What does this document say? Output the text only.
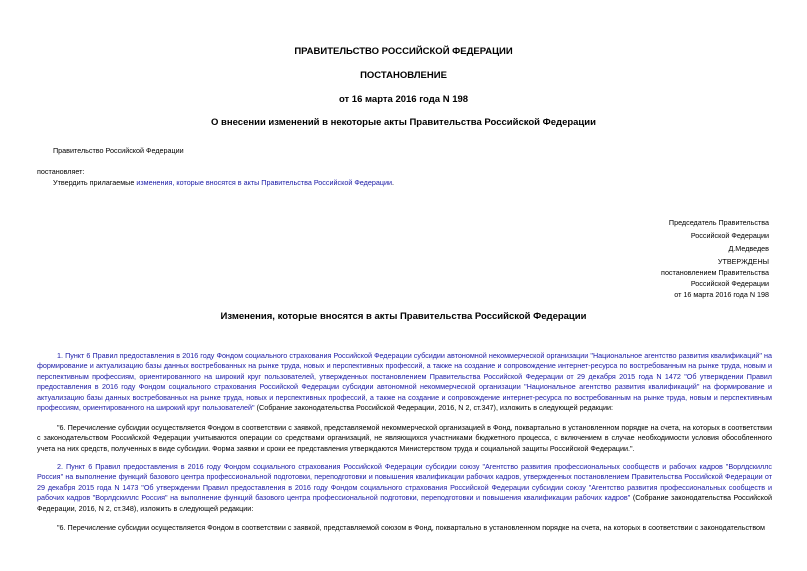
ПРАВИТЕЛЬСТВО РОССИЙСКОЙ ФЕДЕРАЦИИ
ПОСТАНОВЛЕНИЕ
от 16 марта 2016 года N 198
О внесении изменений в некоторые акты Правительства Российской Федерации
Правительство Российской Федерации
постановляет:
Утвердить прилагаемые изменения, которые вносятся в акты Правительства Российской Федерации.
Председатель Правительства
Российской Федерации
Д.Медведев
УТВЕРЖДЕНЫ
постановлением Правительства
Российской Федерации
от 16 марта 2016 года N 198
Изменения, которые вносятся в акты Правительства Российской Федерации

1. Пункт 6 Правил предоставления в 2016 году Фондом социального страхования Российской Федерации субсидии автономной некоммерческой организации "Национальное агентство развития квалификаций" на формирование и актуализацию базы данных востребованных на рынке труда, новых и перспективных профессий, а также на создание и сопровождение интернет-ресурса по востребованным на рынке труда, новым и перспективным профессиям, ориентированного на широкий круг пользователей, утвержденных постановлением Правительства Российской Федерации от 29 декабря 2015 года N 1472 "Об утверждении Правил предоставления в 2016 году Фондом социального страхования Российской Федерации субсидии автономной некоммерческой организации "Национальное агентство развития квалификаций" на формирование и актуализацию базы данных востребованных на рынке труда, новых и перспективных профессий, а также на создание и сопровождение интернет-ресурса по востребованным на рынке труда, новым и перспективным профессиям, ориентированного на широкий круг пользователей" (Собрание законодательства Российской Федерации, 2016, N 2, ст.347), изложить в следующей редакции:

"6. Перечисление субсидии осуществляется Фондом в соответствии с заявкой, представляемой некоммерческой организацией в Фонд, поквартально в установленном порядке на счета, на которых в соответствии с законодательством Российской Федерации учитываются операции со средствами организаций, не являющихся участниками бюджетного процесса, с включением в случае необходимости условия обособленного учета на них средств, полученных в виде субсидии. Форма заявки и сроки ее представления утверждаются Министерством труда и социальной защиты Российской Федерации.".

2. Пункт 6 Правил предоставления в 2016 году Фондом социального страхования Российской Федерации субсидии союзу "Агентство развития профессиональных сообществ и рабочих кадров "Ворлдскиллс Россия" на выполнение функций базового центра профессиональной подготовки, переподготовки и повышения квалификации рабочих кадров, утвержденных постановлением Правительства Российской Федерации от 29 декабря 2015 года N 1473 "Об утверждении Правил предоставления в 2016 году Фондом социального страхования Российской Федерации субсидии союзу "Агентство развития профессиональных сообществ и рабочих кадров "Ворлдскиллс Россия" на выполнение функций базового центра профессиональной подготовки, переподготовки и повышения квалификации рабочих кадров" (Собрание законодательства Российской Федерации, 2016, N 2, ст.348), изложить в следующей редакции:

"6. Перечисление субсидии осуществляется Фондом в соответствии с заявкой, представляемой союзом в Фонд, поквартально в установленном порядке на счета, на которых в соответствии с законодательством
